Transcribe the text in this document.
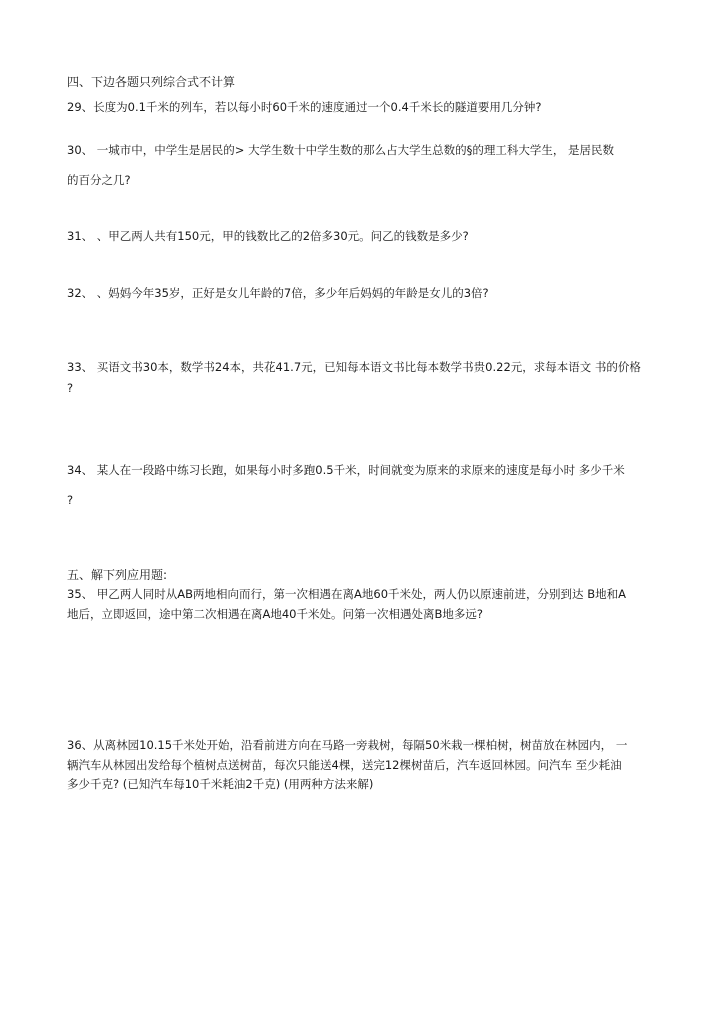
四、下边各题只列综合式不计算
29、长度为0.1千米的列车，若以每小时60千米的速度通过一个0.4千米长的隧道要用几分钟?
30、 一城市中，中学生是居民的> 大学生数十中学生数的那么占大学生总数的§的理工科大学生， 是居民数
的百分之几?
31、 、甲乙两人共有150元，甲的钱数比乙的2倍多30元。问乙的钱数是多少?
32、 、妈妈今年35岁，正好是女儿年龄的7倍，多少年后妈妈的年龄是女儿的3倍?
33、 买语文书30本，数学书24本，共花41.7元，已知每本语文书比每本数学书贵0.22元，求每本语文 书的价格
?
34、 某人在一段路中练习长跑，如果每小时多跑0.5千米，时间就变为原来的求原来的速度是每小时 多少千米
?
五、解下列应用题:
35、 甲乙两人同时从AB两地相向而行，第一次相遇在离A地60千米处，两人仍以原速前进，分别到达 B地和A
地后，立即返回，途中第二次相遇在离A地40千米处。问第一次相遇处离B地多远?
36、从离林园10.15千米处开始，沿看前进方向在马路一旁栽树，每隔50米栽一棵柏树，树苗放在林园内， 一
辆汽车从林园出发给每个植树点送树苗，每次只能送4棵，送完12棵树苗后，汽车返回林园。问汽车 至少耗油
多少千克? (已知汽车每10千米耗油2千克) (用两种方法来解)
